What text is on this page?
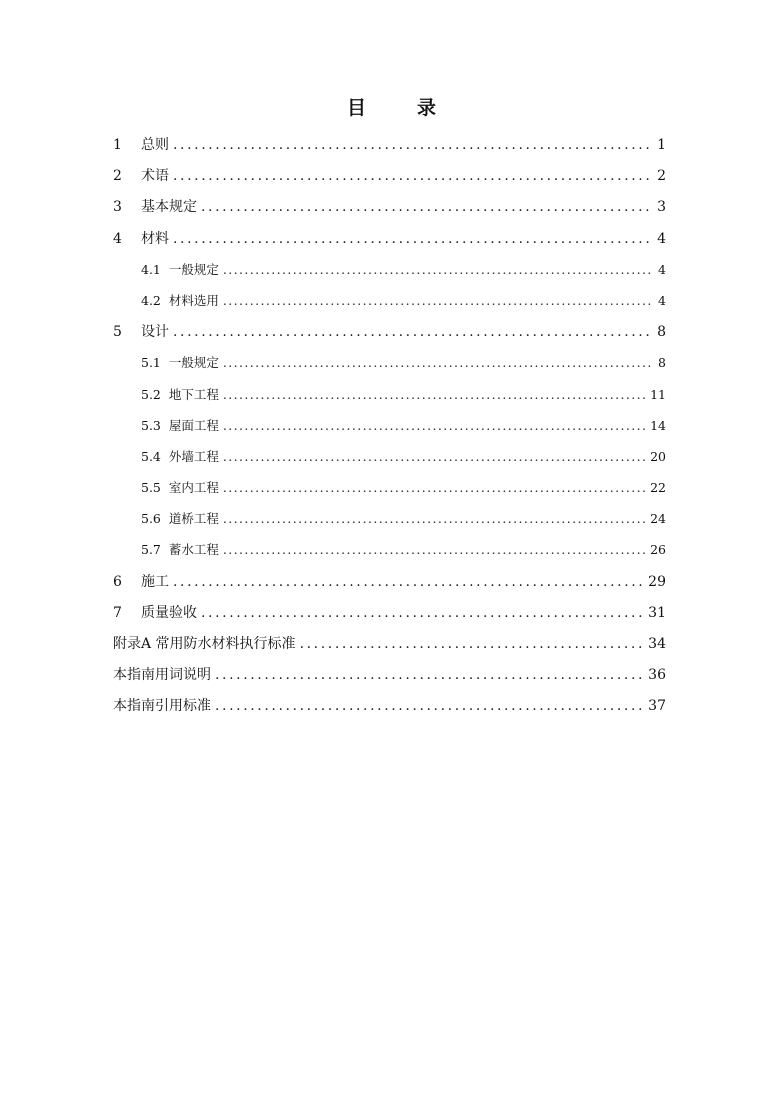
目　录
1	总则 .....	1
2	术语 .....	2
3	基本规定 .....	3
4	材料 .....	4
4.1 一般规定 .....	4
4.2 材料选用 .....	4
5	设计 .....	8
5.1 一般规定 .....	8
5.2 地下工程 .....	11
5.3 屋面工程 .....	14
5.4 外墙工程 .....	20
5.5 室内工程 .....	22
5.6 道桥工程 .....	24
5.7 蓄水工程 .....	26
6	施工 .....	29
7	质量验收 .....	31
附录A 常用防水材料执行标准 .....	34
本指南用词说明 .....	36
本指南引用标准 .....	37
